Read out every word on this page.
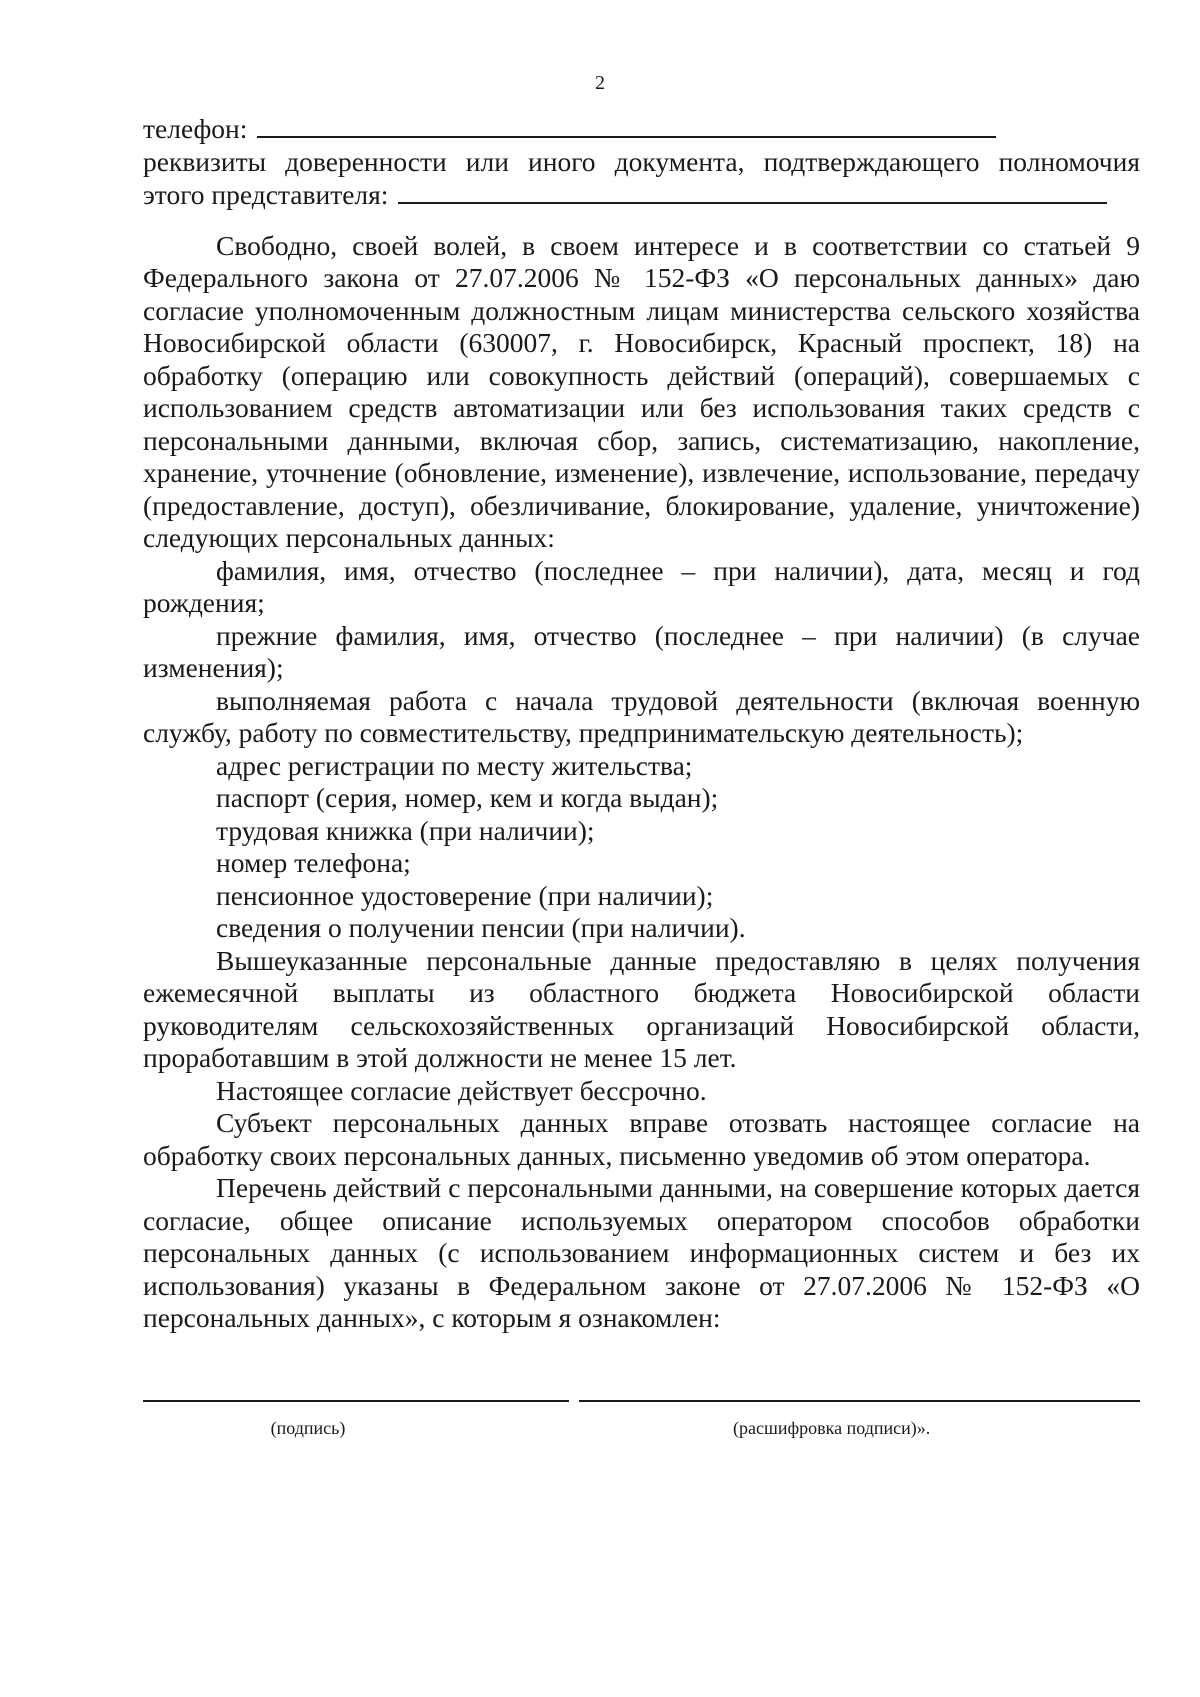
2
телефон:
реквизиты доверенности или иного документа, подтверждающего полномочия
этого представителя:

Свободно, своей волей, в своем интересе и в соответствии со статьей 9 Федерального закона от 27.07.2006 № 152-ФЗ «О персональных данных» даю согласие уполномоченным должностным лицам министерства сельского хозяйства Новосибирской области (630007, г. Новосибирск, Красный проспект, 18) на обработку (операцию или совокупность действий (операций), совершаемых с использованием средств автоматизации или без использования таких средств с персональными данными, включая сбор, запись, систематизацию, накопление, хранение, уточнение (обновление, изменение), извлечение, использование, передачу (предоставление, доступ), обезличивание, блокирование, удаление, уничтожение) следующих персональных данных:

фамилия, имя, отчество (последнее – при наличии), дата, месяц и год рождения;

прежние фамилия, имя, отчество (последнее – при наличии) (в случае изменения);

выполняемая работа с начала трудовой деятельности (включая военную службу, работу по совместительству, предпринимательскую деятельность);

адрес регистрации по месту жительства;

паспорт (серия, номер, кем и когда выдан);

трудовая книжка (при наличии);

номер телефона;

пенсионное удостоверение (при наличии);

сведения о получении пенсии (при наличии).

Вышеуказанные персональные данные предоставляю в целях получения ежемесячной выплаты из областного бюджета Новосибирской области руководителям сельскохозяйственных организаций Новосибирской области, проработавшим в этой должности не менее 15 лет.

Настоящее согласие действует бессрочно.

Субъект персональных данных вправе отозвать настоящее согласие на обработку своих персональных данных, письменно уведомив об этом оператора.

Перечень действий с персональными данными, на совершение которых дается согласие, общее описание используемых оператором способов обработки персональных данных (с использованием информационных систем и без их использования) указаны в Федеральном законе от 27.07.2006 № 152-ФЗ «О персональных данных», с которым я ознакомлен:

(подпись)	(расшифровка подписи)».
